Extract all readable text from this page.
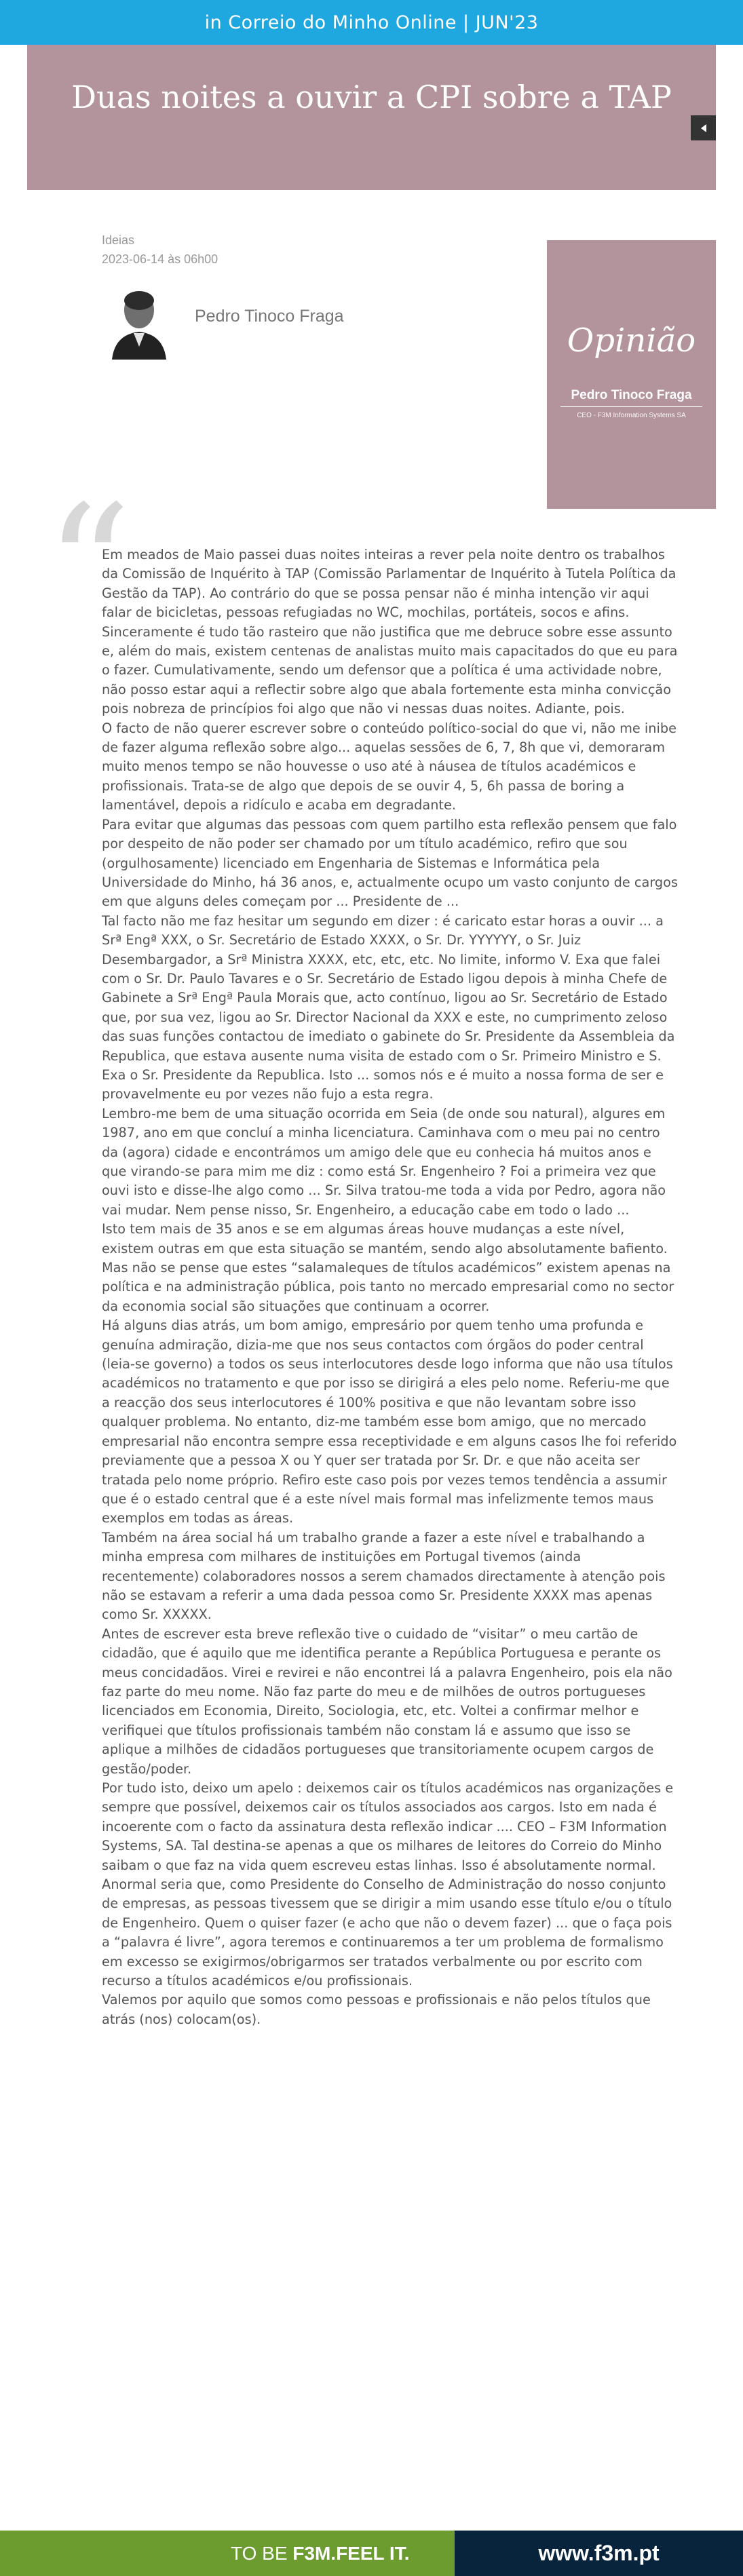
in Correio do Minho Online | JUN'23
Duas noites a ouvir a CPI sobre a TAP
Ideias
2023-06-14 às 06h00
Pedro Tinoco Fraga
Opinião
Pedro Tinoco Fraga
CEO - F3M Information Systems SA
“

Em meados de Maio passei duas noites inteiras a rever pela noite dentro os trabalhos da Comissão de Inquérito à TAP (Comissão Parlamentar de Inquérito à Tutela Política da Gestão da TAP). Ao contrário do que se possa pensar não é minha intenção vir aqui falar de bicicletas, pessoas refugiadas no WC, mochilas, portáteis, socos e afins. Sinceramente é tudo tão rasteiro que não justifica que me debruce sobre esse assunto e, além do mais, existem centenas de analistas muito mais capacitados do que eu para o fazer. Cumulativamente, sendo um defensor que a política é uma actividade nobre, não posso estar aqui a reflectir sobre algo que abala fortemente esta minha convicção pois nobreza de princípios foi algo que não vi nessas duas noites. Adiante, pois.

O facto de não querer escrever sobre o conteúdo político-social do que vi, não me inibe de fazer alguma reflexão sobre algo... aquelas sessões de 6, 7, 8h que vi, demoraram muito menos tempo se não houvesse o uso até à náusea de títulos académicos e profissionais. Trata-se de algo que depois de se ouvir 4, 5, 6h passa de boring a lamentável, depois a ridículo e acaba em degradante.

Para evitar que algumas das pessoas com quem partilho esta reflexão pensem que falo por despeito de não poder ser chamado por um título académico, refiro que sou (orgulhosamente) licenciado em Engenharia de Sistemas e Informática pela Universidade do Minho, há 36 anos, e, actualmente ocupo um vasto conjunto de cargos em que alguns deles começam por ... Presidente de ...

Tal facto não me faz hesitar um segundo em dizer : é caricato estar horas a ouvir ... a Srª Engª XXX, o Sr. Secretário de Estado XXXX, o Sr. Dr. YYYYYY, o Sr. Juiz Desembargador, a Srª Ministra XXXX, etc, etc, etc. No limite, informo V. Exa que falei com o Sr. Dr. Paulo Tavares e o Sr. Secretário de Estado ligou depois à minha Chefe de Gabinete a Srª Engª Paula Morais que, acto contínuo, ligou ao Sr. Secretário de Estado que, por sua vez, ligou ao Sr. Director Nacional da XXX e este, no cumprimento zeloso das suas funções contactou de imediato o gabinete do Sr. Presidente da Assembleia da Republica, que estava ausente numa visita de estado com o Sr. Primeiro Ministro e S. Exa o Sr. Presidente da Republica. Isto ... somos nós e é muito a nossa forma de ser e provavelmente eu por vezes não fujo a esta regra.

Lembro-me bem de uma situação ocorrida em Seia (de onde sou natural), algures em 1987, ano em que concluí a minha licenciatura. Caminhava com o meu pai no centro da (agora) cidade e encontrámos um amigo dele que eu conhecia há muitos anos e que virando-se para mim me diz : como está Sr. Engenheiro ? Foi a primeira vez que ouvi isto e disse-lhe algo como ... Sr. Silva tratou-me toda a vida por Pedro, agora não vai mudar. Nem pense nisso, Sr. Engenheiro, a educação cabe em todo o lado ...

Isto tem mais de 35 anos e se em algumas áreas houve mudanças a este nível, existem outras em que esta situação se mantém, sendo algo absolutamente bafiento.

Mas não se pense que estes “salamaleques de títulos académicos” existem apenas na política e na administração pública, pois tanto no mercado empresarial como no sector da economia social são situações que continuam a ocorrer.

Há alguns dias atrás, um bom amigo, empresário por quem tenho uma profunda e genuína admiração, dizia-me que nos seus contactos com órgãos do poder central (leia-se governo) a todos os seus interlocutores desde logo informa que não usa títulos académicos no tratamento e que por isso se dirigirá a eles pelo nome. Referiu-me que a reacção dos seus interlocutores é 100% positiva e que não levantam sobre isso qualquer problema. No entanto, diz-me também esse bom amigo, que no mercado empresarial não encontra sempre essa receptividade e em alguns casos lhe foi referido previamente que a pessoa X ou Y quer ser tratada por Sr. Dr. e que não aceita ser tratada pelo nome próprio. Refiro este caso pois por vezes temos tendência a assumir que é o estado central que é a este nível mais formal mas infelizmente temos maus exemplos em todas as áreas.

Também na área social há um trabalho grande a fazer a este nível e trabalhando a minha empresa com milhares de instituições em Portugal tivemos (ainda recentemente) colaboradores nossos a serem chamados directamente à atenção pois não se estavam a referir a uma dada pessoa como Sr. Presidente XXXX mas apenas como Sr. XXXXX.

Antes de escrever esta breve reflexão tive o cuidado de “visitar” o meu cartão de cidadão, que é aquilo que me identifica perante a República Portuguesa e perante os meus concidadãos. Virei e revirei e não encontrei lá a palavra Engenheiro, pois ela não faz parte do meu nome. Não faz parte do meu e de milhões de outros portugueses licenciados em Economia, Direito, Sociologia, etc, etc. Voltei a confirmar melhor e verifiquei que títulos profissionais também não constam lá e assumo que isso se aplique a milhões de cidadãos portugueses que transitoriamente ocupem cargos de gestão/poder.

Por tudo isto, deixo um apelo : deixemos cair os títulos académicos nas organizações e sempre que possível, deixemos cair os títulos associados aos cargos. Isto em nada é incoerente com o facto da assinatura desta reflexão indicar .... CEO – F3M Information Systems, SA. Tal destina-se apenas a que os milhares de leitores do Correio do Minho saibam o que faz na vida quem escreveu estas linhas. Isso é absolutamente normal. Anormal seria que, como Presidente do Conselho de Administração do nosso conjunto de empresas, as pessoas tivessem que se dirigir a mim usando esse título e/ou o título de Engenheiro. Quem o quiser fazer (e acho que não o devem fazer) ... que o faça pois a “palavra é livre”, agora teremos e continuaremos a ter um problema de formalismo em excesso se exigirmos/obrigarmos ser tratados verbalmente ou por escrito com recurso a títulos académicos e/ou profissionais.

Valemos por aquilo que somos como pessoas e profissionais e não pelos títulos que atrás (nos) colocam(os).

TO BE F3M.FEEL IT.	www.f3m.pt
